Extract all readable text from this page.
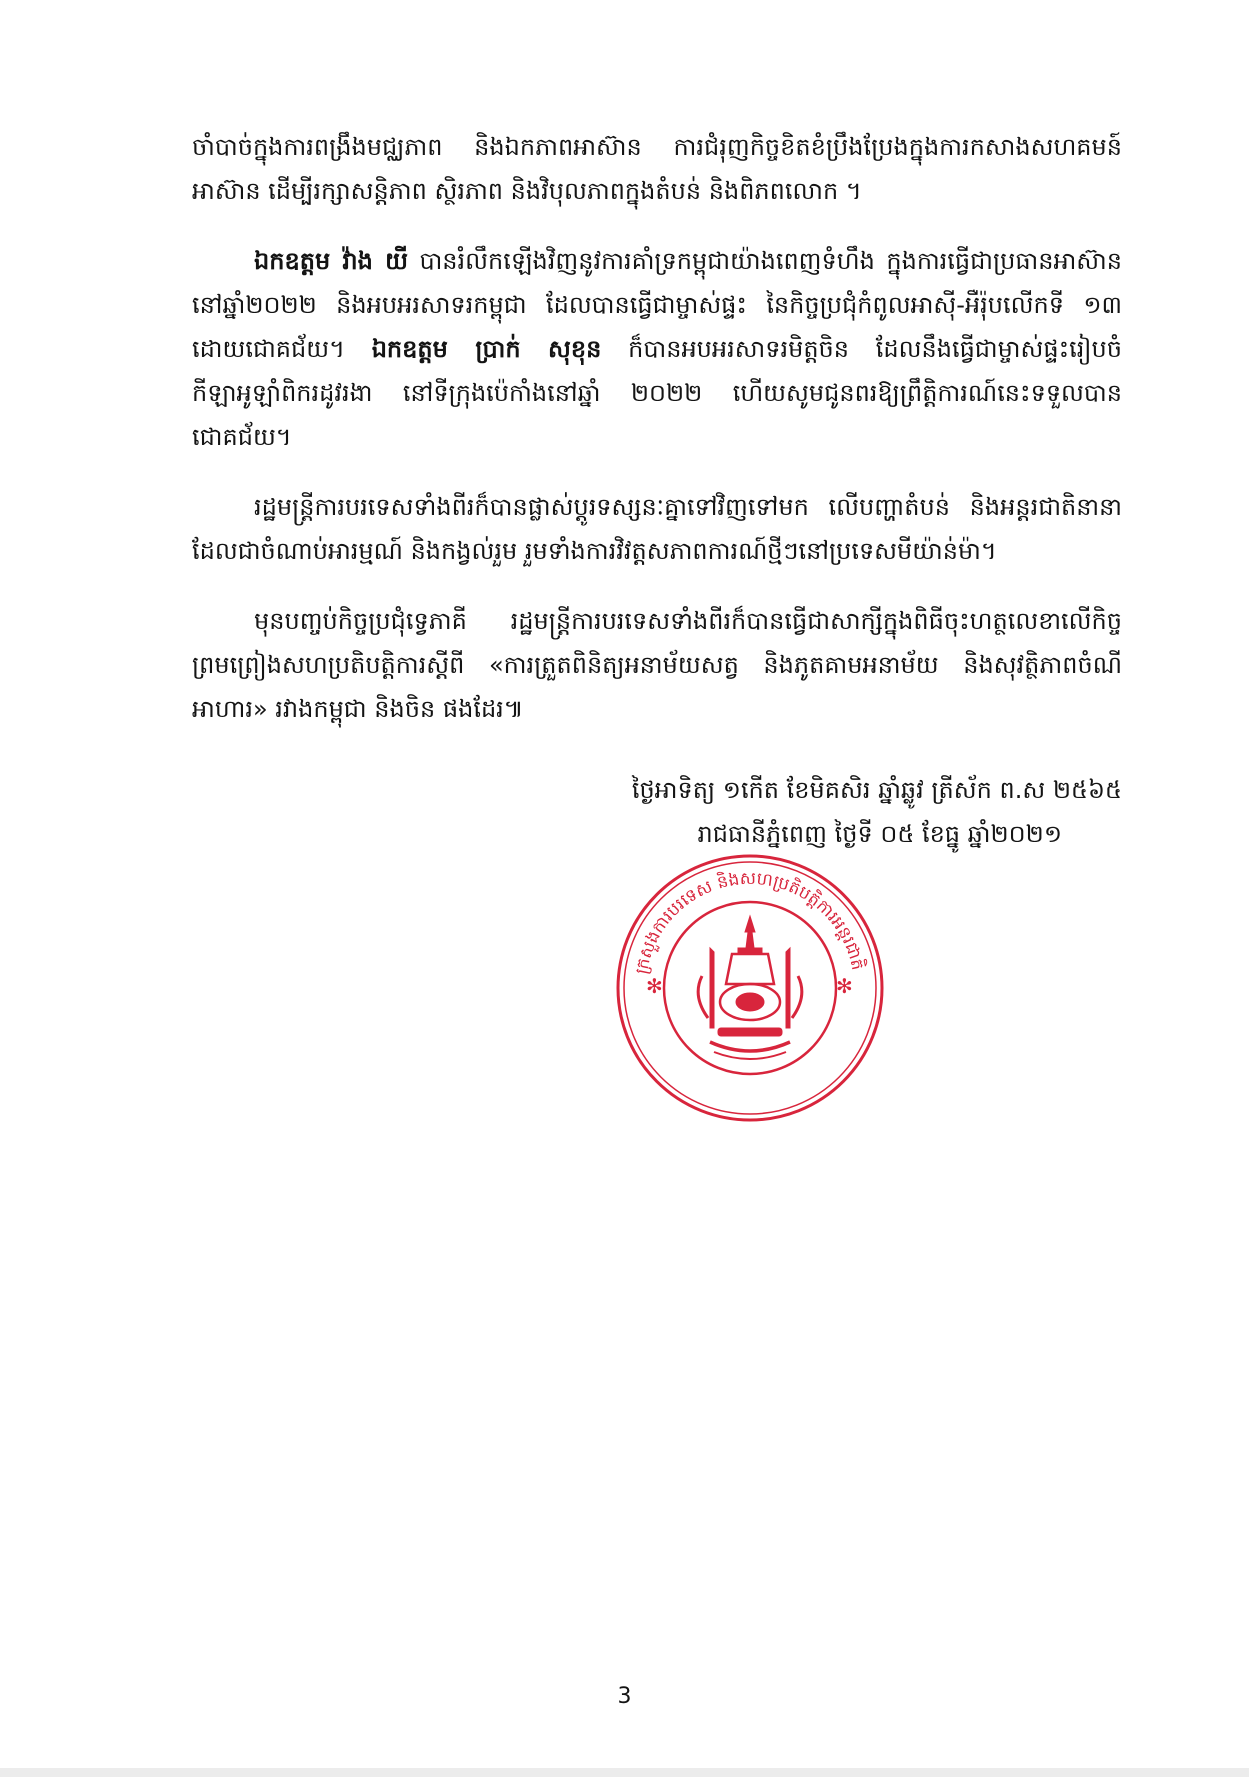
ចាំបាច់ក្នុងការពង្រឹងមជ្ឈភាព និងឯកភាពអាស៊ាន ការជំរុញកិច្ចខិតខំប្រឹងប្រែងក្នុងការកសាងសហគមន៍អាស៊ាន ដើម្បីរក្សាសន្តិភាព ស្ថិរភាព និងវិបុលភាពក្នុងតំបន់ និងពិភពលោក ។

ឯកឧត្តម វ៉ាង យី បានរំលឹកឡើងវិញនូវការគាំទ្រកម្ពុជាយ៉ាងពេញទំហឹង ក្នុងការធ្វើជាប្រធានអាស៊ាន នៅឆ្នាំ២០២២ និងអបអរសាទរកម្ពុជា ដែលបានធ្វើជាម្ចាស់ផ្ទះ នៃកិច្ចប្រជុំកំពូលអាស៊ី-អឺរ៉ុបលើកទី ១៣ ដោយជោគជ័យ។ ឯកឧត្តម ប្រាក់ សុខុន ក៏បានអបអរសាទរមិត្តចិន ដែលនឹងធ្វើជាម្ចាស់ផ្ទះរៀបចំកីឡាអូឡាំពិករដូវរងា នៅទីក្រុងប៉េកាំងនៅឆ្នាំ ២០២២ ហើយសូមជូនពរឱ្យព្រឹត្តិការណ៍នេះទទួលបានជោគជ័យ។

រដ្ឋមន្ត្រីការបរទេសទាំងពីរក៏បានផ្លាស់ប្ដូរទស្សនៈគ្នាទៅវិញទៅមក លើបញ្ហាតំបន់ និងអន្តរជាតិនានា ដែលជាចំណាប់អារម្មណ៍ និងកង្វល់រួម រួមទាំងការវិវត្តសភាពការណ៍ថ្មីៗនៅប្រទេសមីយ៉ាន់ម៉ា។

មុនបញ្ចប់កិច្ចប្រជុំទ្វេភាគី រដ្ឋមន្ត្រីការបរទេសទាំងពីរក៏បានធ្វើជាសាក្សីក្នុងពិធីចុះហត្ថលេខាលើកិច្ចព្រមព្រៀងសហប្រតិបត្តិការស្តីពី «ការត្រួតពិនិត្យអនាម័យសត្វ និងភូតគាមអនាម័យ និងសុវត្ថិភាពចំណីអាហារ» រវាងកម្ពុជា និងចិន ផងដែរ៕

ថ្ងៃអាទិត្យ ១កើត ខែមិគសិរ ឆ្នាំឆ្លូវ ត្រីស័ក ព.ស ២៥៦៥
រាជធានីភ្នំពេញ ថ្ងៃទី ០៥ ខែធ្នូ ឆ្នាំ២០២១
ក្រសួងការបរទេស និងសហប្រតិបត្តិការអន្តរជាតិ
✻	✻
3
